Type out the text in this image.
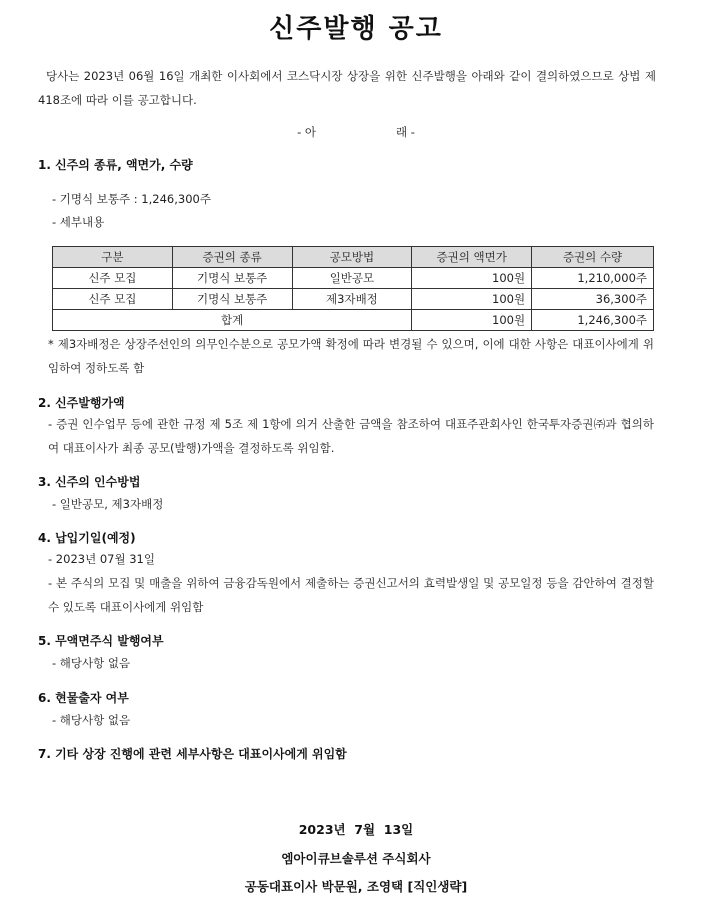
신주발행 공고
당사는 2023년 06월 16일 개최한 이사회에서 코스닥시장 상장을 위한 신주발행을 아래와 같이 결의하였으므로 상법 제 418조에 따라 이를 공고합니다.
- 아	래 -
1. 신주의 종류, 액면가, 수량
- 기명식 보통주 : 1,246,300주
- 세부내용
구분	증권의 종류	공모방법	증권의 액면가	증권의 수량
신주 모집	기명식 보통주	일반공모	100원	1,210,000주
신주 모집	기명식 보통주	제3자배정	100원	36,300주
합계			100원	1,246,300주
* 제3자배정은 상장주선인의 의무인수분으로 공모가액 확정에 따라 변경될 수 있으며, 이에 대한 사항은 대표이사에게 위임하여 정하도록 함
2. 신주발행가액
- 증권 인수업무 등에 관한 규정 제 5조 제 1항에 의거 산출한 금액을 참조하여 대표주관회사인 한국투자증권㈜과 협의하여 대표이사가 최종 공모(발행)가액을 결정하도록 위임함.
3. 신주의 인수방법
- 일반공모, 제3자배정
4. 납입기일(예정)
- 2023년 07월 31일
- 본 주식의 모집 및 매출을 위하여 금융감독원에서 제출하는 증권신고서의 효력발생일 및 공모일정 등을 감안하여 결정할 수 있도록 대표이사에게 위임함
5. 무액면주식 발행여부
- 해당사항 없음
6. 현물출자 여부
- 해당사항 없음
7. 기타 상장 진행에 관련 세부사항은 대표이사에게 위임함
2023년  7월  13일
엠아이큐브솔루션 주식회사
공동대표이사 박문원, 조영택 [직인생략]
